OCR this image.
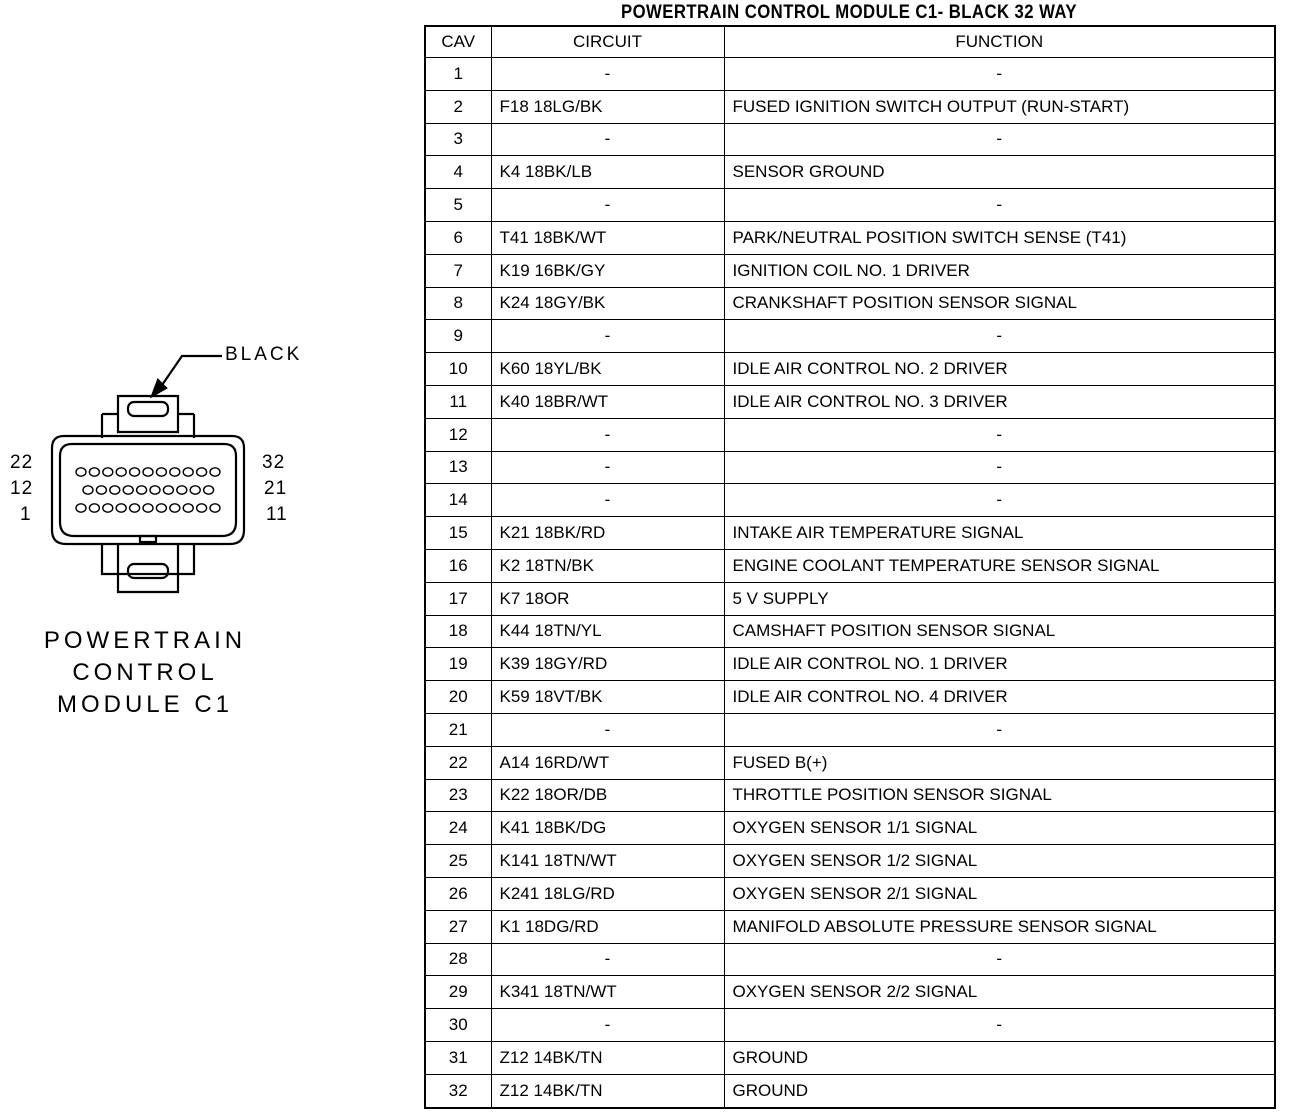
BLACK
22
12
1
32
21
11
POWERTRAIN
CONTROL
MODULE C1
POWERTRAIN CONTROL MODULE C1- BLACK 32 WAY
CAV	CIRCUIT	FUNCTION
1	-	-
2	F18 18LG/BK	FUSED IGNITION SWITCH OUTPUT (RUN-START)
3	-	-
4	K4 18BK/LB	SENSOR GROUND
5	-	-
6	T41 18BK/WT	PARK/NEUTRAL POSITION SWITCH SENSE (T41)
7	K19 16BK/GY	IGNITION COIL NO. 1 DRIVER
8	K24 18GY/BK	CRANKSHAFT POSITION SENSOR SIGNAL
9	-	-
10	K60 18YL/BK	IDLE AIR CONTROL NO. 2 DRIVER
11	K40 18BR/WT	IDLE AIR CONTROL NO. 3 DRIVER
12	-	-
13	-	-
14	-	-
15	K21 18BK/RD	INTAKE AIR TEMPERATURE SIGNAL
16	K2 18TN/BK	ENGINE COOLANT TEMPERATURE SENSOR SIGNAL
17	K7 18OR	5 V SUPPLY
18	K44 18TN/YL	CAMSHAFT POSITION SENSOR SIGNAL
19	K39 18GY/RD	IDLE AIR CONTROL NO. 1 DRIVER
20	K59 18VT/BK	IDLE AIR CONTROL NO. 4 DRIVER
21	-	-
22	A14 16RD/WT	FUSED B(+)
23	K22 18OR/DB	THROTTLE POSITION SENSOR SIGNAL
24	K41 18BK/DG	OXYGEN SENSOR 1/1 SIGNAL
25	K141 18TN/WT	OXYGEN SENSOR 1/2 SIGNAL
26	K241 18LG/RD	OXYGEN SENSOR 2/1 SIGNAL
27	K1 18DG/RD	MANIFOLD ABSOLUTE PRESSURE SENSOR SIGNAL
28	-	-
29	K341 18TN/WT	OXYGEN SENSOR 2/2 SIGNAL
30	-	-
31	Z12 14BK/TN	GROUND
32	Z12 14BK/TN	GROUND
